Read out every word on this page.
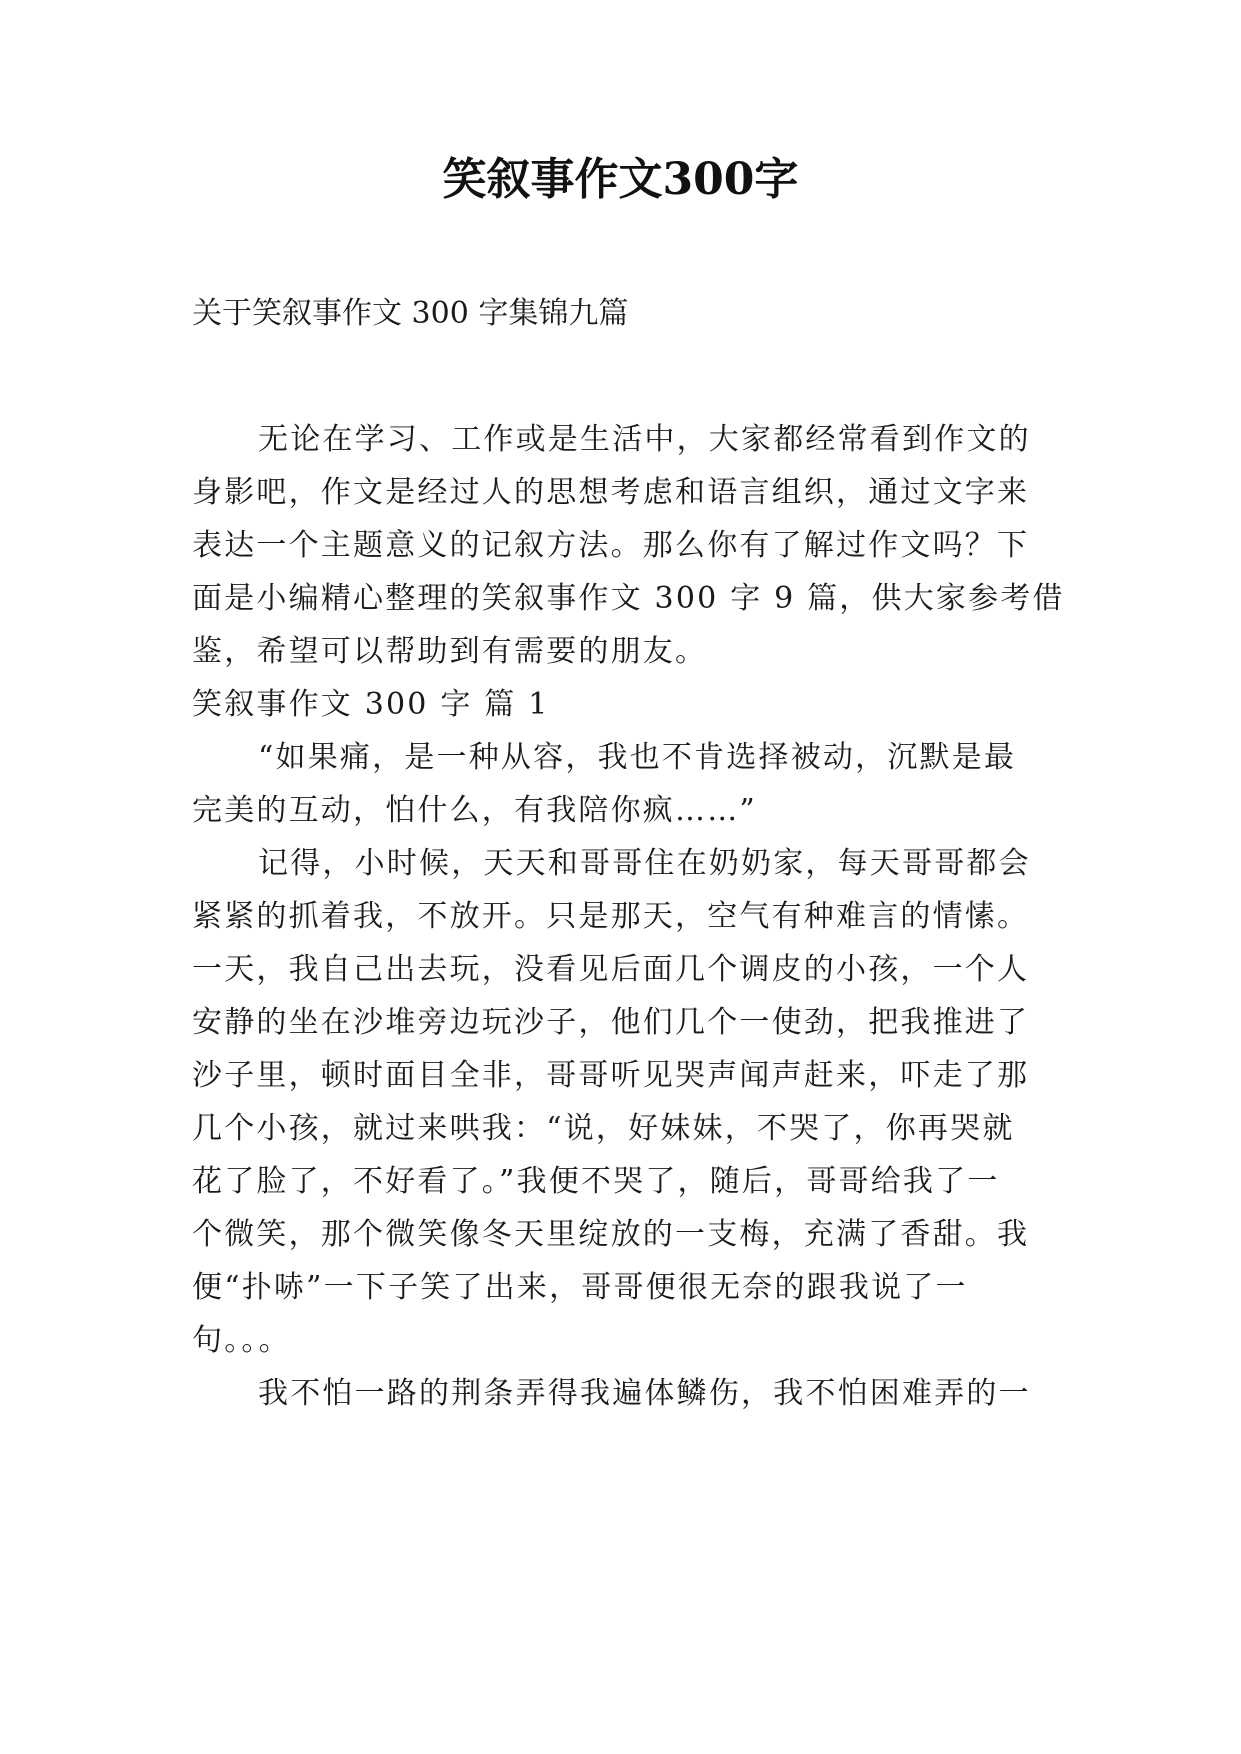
笑叙事作文300字
关于笑叙事作文 300 字集锦九篇
无论在学习、工作或是生活中，大家都经常看到作文的
身影吧，作文是经过人的思想考虑和语言组织，通过文字来
表达一个主题意义的记叙方法。那么你有了解过作文吗？下
面是小编精心整理的笑叙事作文 300 字 9 篇，供大家参考借
鉴，希望可以帮助到有需要的朋友。
笑叙事作文 300 字 篇 1
“如果痛，是一种从容，我也不肯选择被动，沉默是最
完美的互动，怕什么，有我陪你疯……”
记得，小时候，天天和哥哥住在奶奶家，每天哥哥都会
紧紧的抓着我，不放开。只是那天，空气有种难言的情愫。
一天，我自己出去玩，没看见后面几个调皮的小孩，一个人
安静的坐在沙堆旁边玩沙子，他们几个一使劲，把我推进了
沙子里，顿时面目全非，哥哥听见哭声闻声赶来，吓走了那
几个小孩，就过来哄我：“说，好妹妹，不哭了，你再哭就
花了脸了，不好看了。”我便不哭了，随后，哥哥给我了一
个微笑，那个微笑像冬天里绽放的一支梅，充满了香甜。我
便“扑哧”一下子笑了出来，哥哥便很无奈的跟我说了一
句。。。
我不怕一路的荆条弄得我遍体鳞伤，我不怕困难弄的一
